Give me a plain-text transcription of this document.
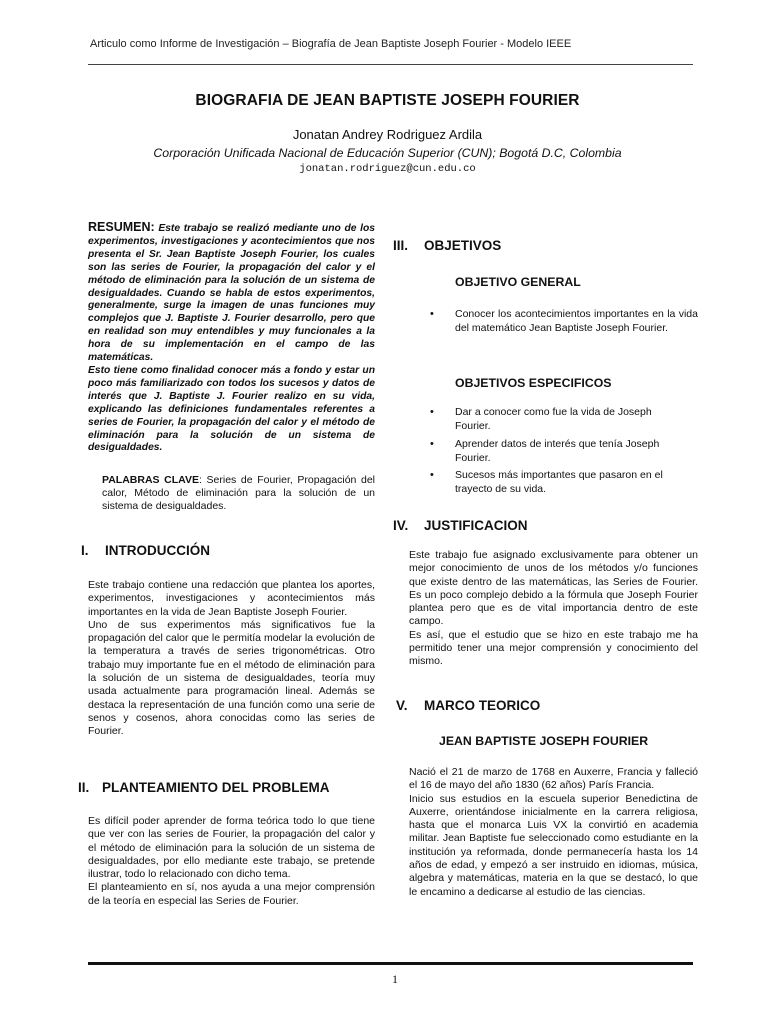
Articulo como Informe de Investigación – Biografía de Jean Baptiste Joseph Fourier - Modelo IEEE
BIOGRAFIA DE JEAN BAPTISTE JOSEPH FOURIER
Jonatan Andrey Rodriguez Ardila
Corporación Unificada Nacional de Educación Superior (CUN); Bogotá D.C, Colombia
jonatan.rodriguez@cun.edu.co
RESUMEN: Este trabajo se realizó mediante uno de los experimentos, investigaciones y acontecimientos que nos presenta el Sr. Jean Baptiste Joseph Fourier, los cuales son las series de Fourier, la propagación del calor y el método de eliminación para la solución de un sistema de desigualdades. Cuando se habla de estos experimentos, generalmente, surge la imagen de unas funciones muy complejos que J. Baptiste J. Fourier desarrollo, pero que en realidad son muy entendibles y muy funcionales a la hora de su implementación en el campo de las matemáticas.
Esto tiene como finalidad conocer más a fondo y estar un poco más familiarizado con todos los sucesos y datos de interés que J. Baptiste J. Fourier realizo en su vida, explicando las definiciones fundamentales referentes a series de Fourier, la propagación del calor y el método de eliminación para la solución de un sistema de desigualdades.
PALABRAS CLAVE: Series de Fourier, Propagación del calor, Método de eliminación para la solución de un sistema de desigualdades.
I. INTRODUCCIÓN

Este trabajo contiene una redacción que plantea los aportes, experimentos, investigaciones y acontecimientos más importantes en la vida de Jean Baptiste Joseph Fourier.

Uno de sus experimentos más significativos fue la propagación del calor que le permitía modelar la evolución de la temperatura a través de series trigonométricas. Otro trabajo muy importante fue en el método de eliminación para la solución de un sistema de desigualdades, teoría muy usada actualmente para programación lineal. Además se destaca la representación de una función como una serie de senos y cosenos, ahora conocidas como las series de Fourier.

II. PLANTEAMIENTO DEL PROBLEMA

Es difícil poder aprender de forma teórica todo lo que tiene que ver con las series de Fourier, la propagación del calor y el método de eliminación para la solución de un sistema de desigualdades, por ello mediante este trabajo, se pretende ilustrar, todo lo relacionado con dicho tema.

El planteamiento en sí, nos ayuda a una mejor comprensión de la teoría en especial las Series de Fourier.

III. OBJETIVOS
OBJETIVO GENERAL
• Conocer los acontecimientos importantes en la vida del matemático Jean Baptiste Joseph Fourier.
OBJETIVOS ESPECIFICOS
• Dar a conocer como fue la vida de Joseph Fourier.
• Aprender datos de interés que tenía Joseph Fourier.
• Sucesos más importantes que pasaron en el trayecto de su vida.
IV. JUSTIFICACION

Este trabajo fue asignado exclusivamente para obtener un mejor conocimiento de unos de los métodos y/o funciones que existe dentro de las matemáticas, las Series de Fourier. Es un poco complejo debido a la fórmula que Joseph Fourier plantea pero que es de vital importancia dentro de este campo.

Es así, que el estudio que se hizo en este trabajo me ha permitido tener una mejor comprensión y conocimiento del mismo.

V. MARCO TEORICO
JEAN BAPTISTE JOSEPH FOURIER

Nació el 21 de marzo de 1768 en Auxerre, Francia y falleció el 16 de mayo del año 1830 (62 años) París Francia.

Inicio sus estudios en la escuela superior Benedictina de Auxerre, orientándose inicialmente en la carrera religiosa, hasta que el monarca Luis VX la convirtió en academia militar. Jean Baptiste fue seleccionado como estudiante en la institución ya reformada, donde permanecería hasta los 14 años de edad, y empezó a ser instruido en idiomas, música, algebra y matemáticas, materia en la que se destacó, lo que le encamino a dedicarse al estudio de las ciencias.

1
